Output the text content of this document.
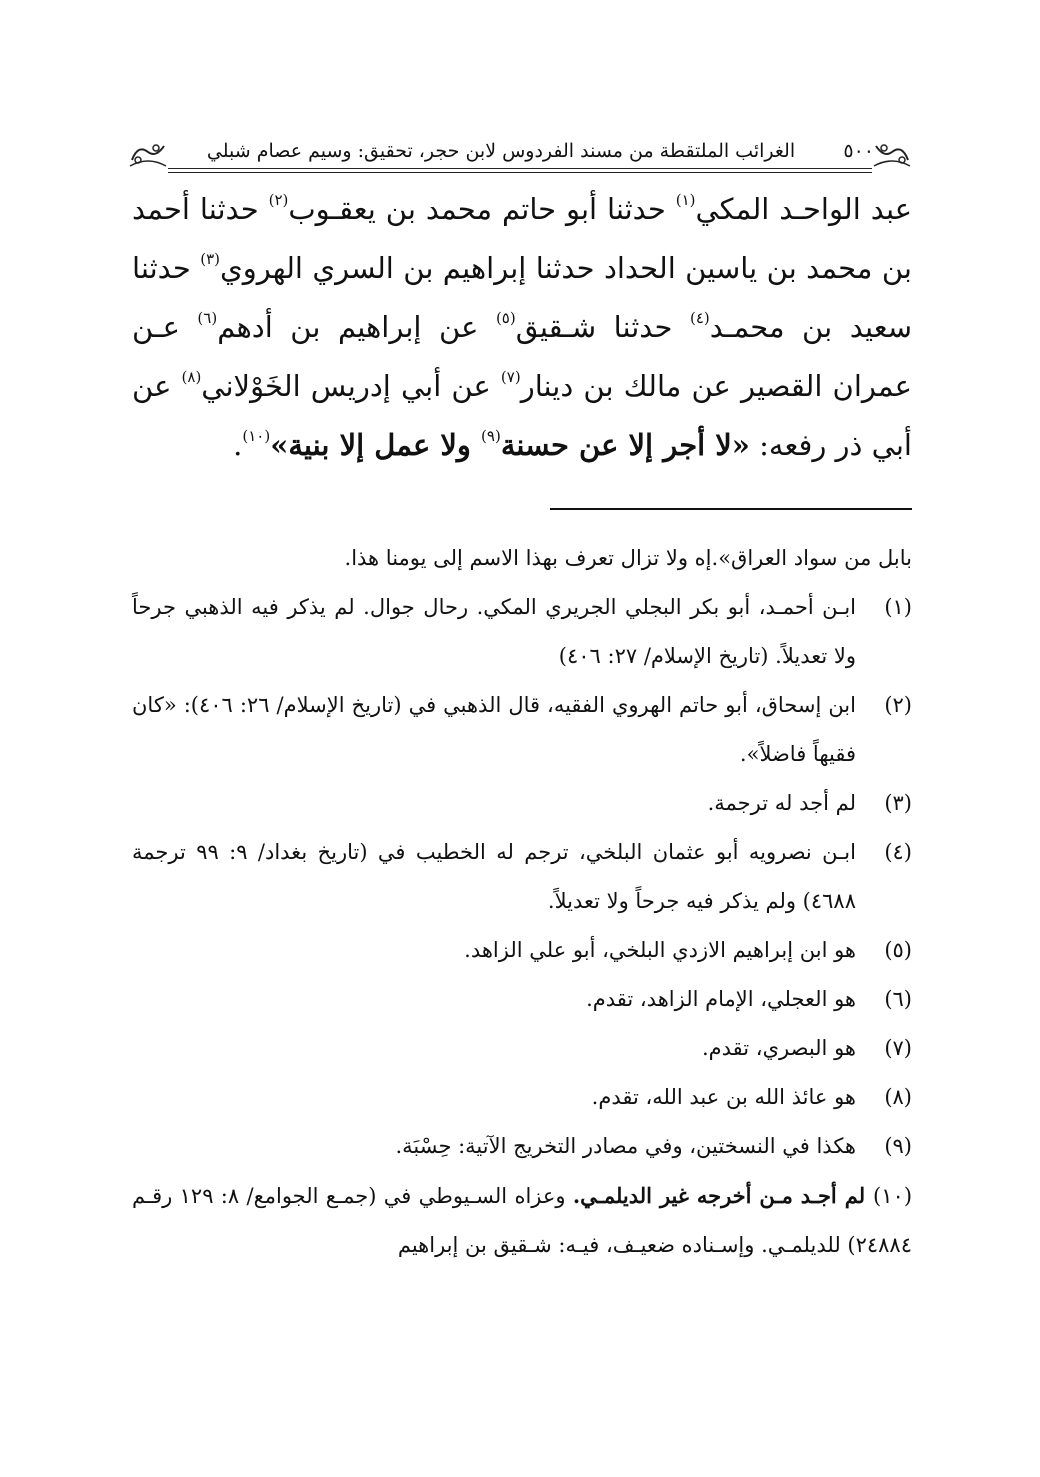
الغرائب الملتقطة من مسند الفردوس لابن حجر، تحقيق: وسيم عصام شبلي	٥٠٠
عبد الواحـد المكي$^{(١)}$ حدثنا أبو حاتم محمد بن يعقـوب$^{(٢)}$ حدثنا أحمد بن محمد بن ياسين الحداد حدثنا إبراهيم بن السري الهروي$^{(٣)}$ حدثنا سعيد بن محمـد$^{(٤)}$ حدثنا شـقيق$^{(٥)}$ عن إبراهيم بن أدهم$^{(٦)}$ عـن عمران القصير عن مالك بن دينار$^{(٧)}$ عن أبي إدريس الخَوْلاني$^{(٨)}$ عن أبي ذر رفعه: «لا أجر إلا عن حسنة$^{(٩)}$ ولا عمل إلا بنية»$^{(١٠)}$.

بابل من سواد العراق».إه ولا تزال تعرف بهذا الاسم إلى يومنا هذا.

(١)
ابـن أحمـد، أبو بكر البجلي الجريري المكي. رحال جوال. لم يذكر فيه الذهبي جرحاً ولا تعديلاً. (تاريخ الإسلام/ ٢٧: ٤٠٦)
(٢)
ابن إسحاق، أبو حاتم الهروي الفقيه، قال الذهبي في (تاريخ الإسلام/ ٢٦: ٤٠٦): «كان فقيهاً فاضلاً».
(٣)
لم أجد له ترجمة.
(٤)
ابـن نصرويه أبو عثمان البلخي، ترجم له الخطيب في (تاريخ بغداد/ ٩: ٩٩ ترجمة ٤٦٨٨) ولم يذكر فيه جرحاً ولا تعديلاً.
(٥)
هو ابن إبراهيم الازدي البلخي، أبو علي الزاهد.
(٦)
هو العجلي، الإمام الزاهد، تقدم.
(٧)
هو البصري، تقدم.
(٨)
هو عائذ الله بن عبد الله، تقدم.
(٩)
هكذا في النسختين، وفي مصادر التخريج الآتية: حِسْبَة.
(١٠) لم أجـد مـن أخرجه غير الديلمـي. وعزاه السـيوطي في (جمـع الجوامع/ ٨: ١٢٩ رقـم ٢٤٨٨٤) للديلمـي. وإسـناده ضعيـف، فيـه: شـقيق بن إبراهيم
